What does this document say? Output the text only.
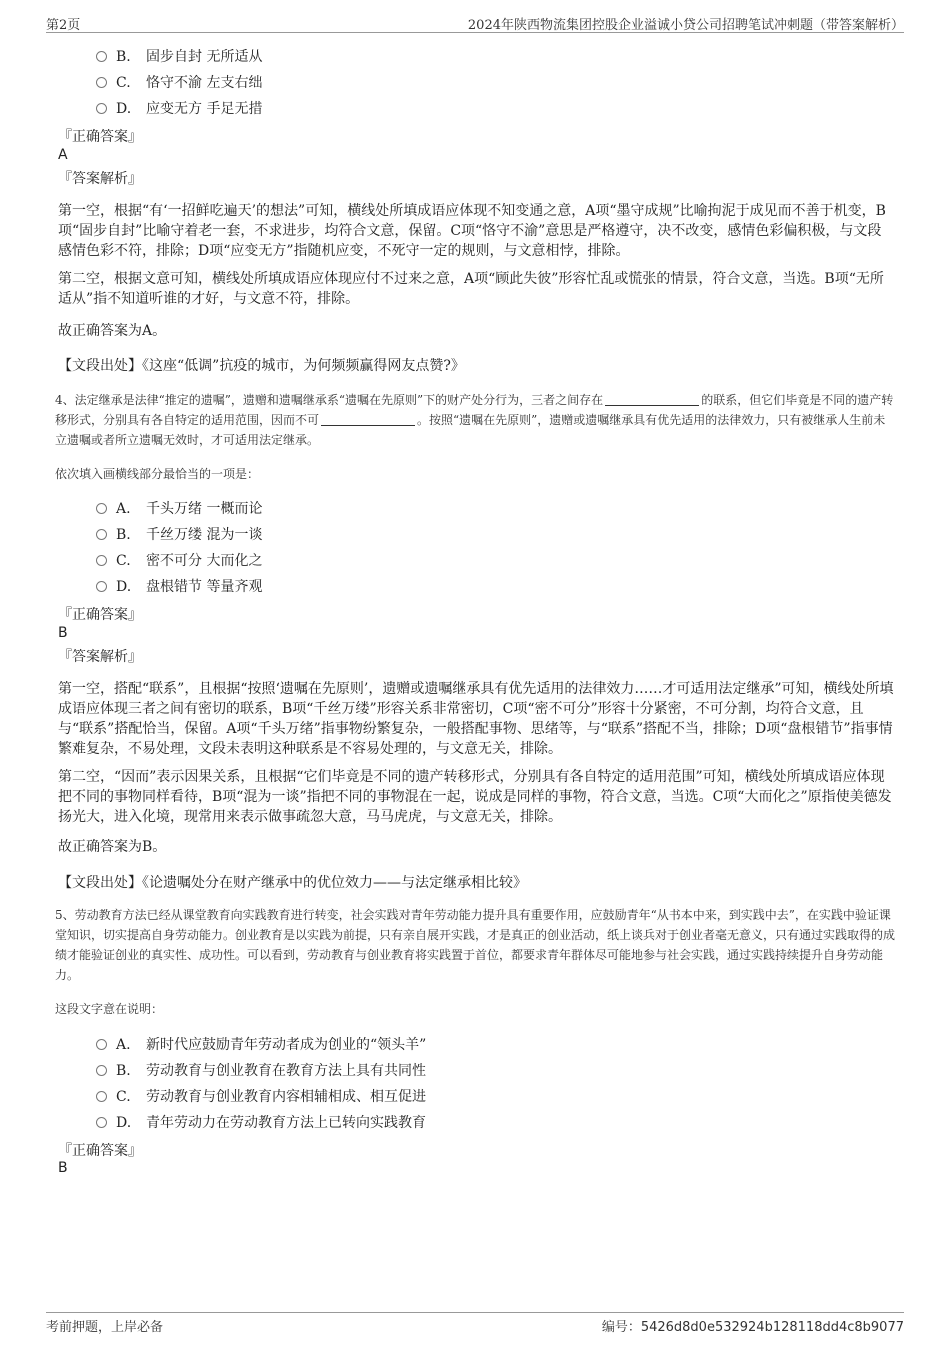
第2页	2024年陕西物流集团控股企业溢诚小贷公司招聘笔试冲刺题（带答案解析）
B. 固步自封 无所适从
C. 恪守不渝 左支右绌
D. 应变无方 手足无措
『正确答案』
A
『答案解析』
第一空，根据“有‘一招鲜吃遍天’的想法”可知，横线处所填成语应体现不知变通之意，A项“墨守成规”比喻拘泥于成见而不善于机变，B项“固步自封”比喻守着老一套，不求进步，均符合文意，保留。C项“恪守不渝”意思是严格遵守，决不改变，感情色彩偏积极，与文段感情色彩不符，排除；D项“应变无方”指随机应变，不死守一定的规则，与文意相悖，排除。
第二空，根据文意可知，横线处所填成语应体现应付不过来之意，A项“顾此失彼”形容忙乱或慌张的情景，符合文意，当选。B项“无所适从”指不知道听谁的才好，与文意不符，排除。
故正确答案为A。
【文段出处】《这座“低调”抗疫的城市，为何频频赢得网友点赞?》
4、法定继承是法律“推定的遗嘱”，遗赠和遗嘱继承系“遗嘱在先原则”下的财产处分行为，三者之间存在	的联系，但它们毕竟是不同的遗产转移形式，分别具有各自特定的适用范围，因而不可	。按照“遗嘱在先原则”，遗赠或遗嘱继承具有优先适用的法律效力，只有被继承人生前未立遗嘱或者所立遗嘱无效时，才可适用法定继承。
依次填入画横线部分最恰当的一项是：
A. 千头万绪 一概而论
B. 千丝万缕 混为一谈
C. 密不可分 大而化之
D. 盘根错节 等量齐观
『正确答案』
B
『答案解析』
第一空，搭配“联系”，且根据“按照‘遗嘱在先原则’，遗赠或遗嘱继承具有优先适用的法律效力……才可适用法定继承”可知，横线处所填成语应体现三者之间有密切的联系，B项“千丝万缕”形容关系非常密切，C项“密不可分”形容十分紧密，不可分割，均符合文意，且与“联系”搭配恰当，保留。A项“千头万绪”指事物纷繁复杂，一般搭配事物、思绪等，与“联系”搭配不当，排除；D项“盘根错节”指事情繁难复杂，不易处理，文段未表明这种联系是不容易处理的，与文意无关，排除。
第二空，“因而”表示因果关系，且根据“它们毕竟是不同的遗产转移形式，分别具有各自特定的适用范围”可知，横线处所填成语应体现把不同的事物同样看待，B项“混为一谈”指把不同的事物混在一起，说成是同样的事物，符合文意，当选。C项“大而化之”原指使美德发扬光大，进入化境，现常用来表示做事疏忽大意，马马虎虎，与文意无关，排除。
故正确答案为B。
【文段出处】《论遗嘱处分在财产继承中的优位效力——与法定继承相比较》
5、劳动教育方法已经从课堂教育向实践教育进行转变，社会实践对青年劳动能力提升具有重要作用，应鼓励青年“从书本中来，到实践中去”，在实践中验证课堂知识，切实提高自身劳动能力。创业教育是以实践为前提，只有亲自展开实践，才是真正的创业活动，纸上谈兵对于创业者毫无意义，只有通过实践取得的成绩才能验证创业的真实性、成功性。可以看到，劳动教育与创业教育将实践置于首位，都要求青年群体尽可能地参与社会实践，通过实践持续提升自身劳动能力。
这段文字意在说明：
A. 新时代应鼓励青年劳动者成为创业的“领头羊”
B. 劳动教育与创业教育在教育方法上具有共同性
C. 劳动教育与创业教育内容相辅相成、相互促进
D. 青年劳动力在劳动教育方法上已转向实践教育
『正确答案』
B
考前押题，上岸必备	编号：5426d8d0e532924b128118dd4c8b9077
